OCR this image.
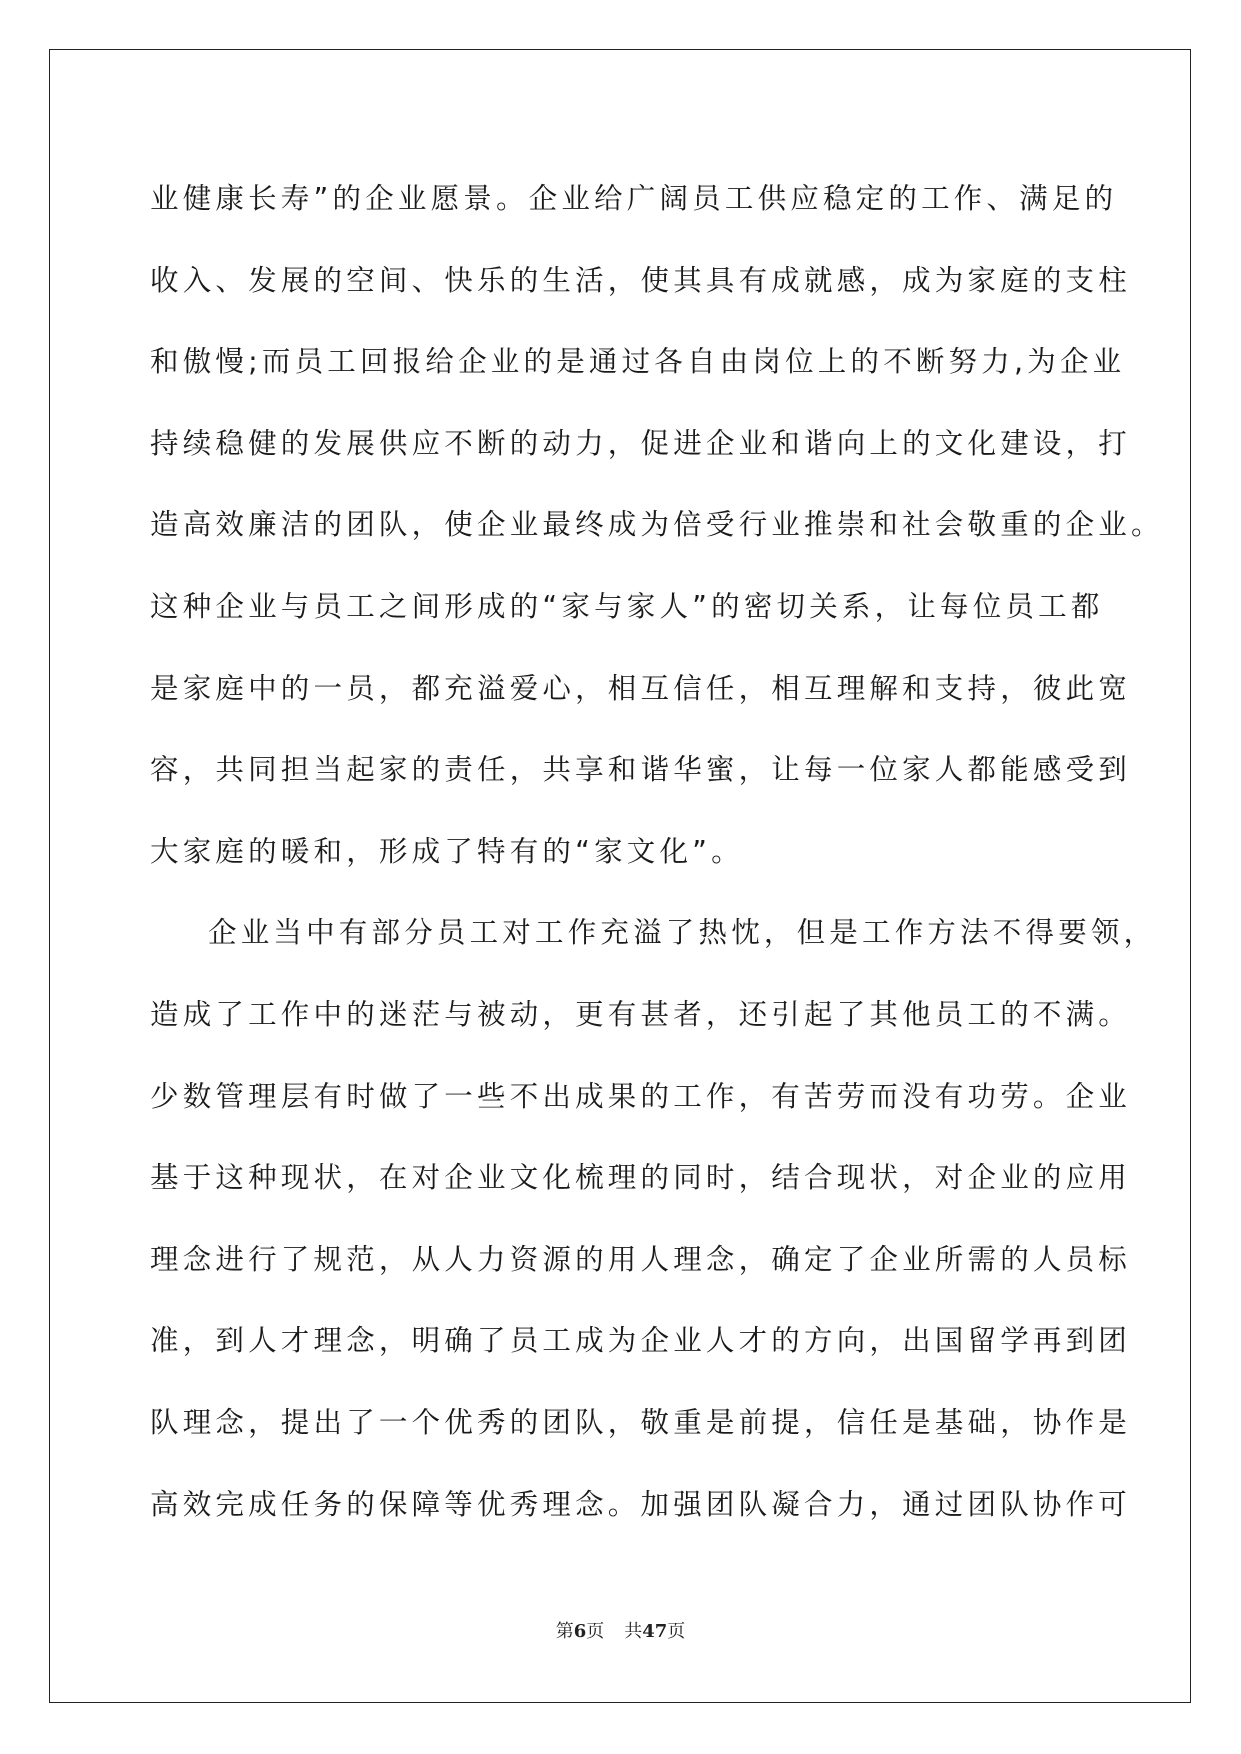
业健康长寿”的企业愿景。企业给广阔员工供应稳定的工作、满足的
收入、发展的空间、快乐的生活，使其具有成就感，成为家庭的支柱
和傲慢;而员工回报给企业的是通过各自由岗位上的不断努力,为企业
持续稳健的发展供应不断的动力，促进企业和谐向上的文化建设，打
造高效廉洁的团队，使企业最终成为倍受行业推崇和社会敬重的企业。
这种企业与员工之间形成的“家与家人”的密切关系，让每位员工都
是家庭中的一员，都充溢爱心，相互信任，相互理解和支持，彼此宽
容，共同担当起家的责任，共享和谐华蜜，让每一位家人都能感受到
大家庭的暖和，形成了特有的“家文化”。
企业当中有部分员工对工作充溢了热忱，但是工作方法不得要领，
造成了工作中的迷茫与被动，更有甚者，还引起了其他员工的不满。
少数管理层有时做了一些不出成果的工作，有苦劳而没有功劳。企业
基于这种现状，在对企业文化梳理的同时，结合现状，对企业的应用
理念进行了规范，从人力资源的用人理念，确定了企业所需的人员标
准，到人才理念，明确了员工成为企业人才的方向，出国留学再到团
队理念，提出了一个优秀的团队，敬重是前提，信任是基础，协作是
高效完成任务的保障等优秀理念。加强团队凝合力，通过团队协作可
第6页 共47页
